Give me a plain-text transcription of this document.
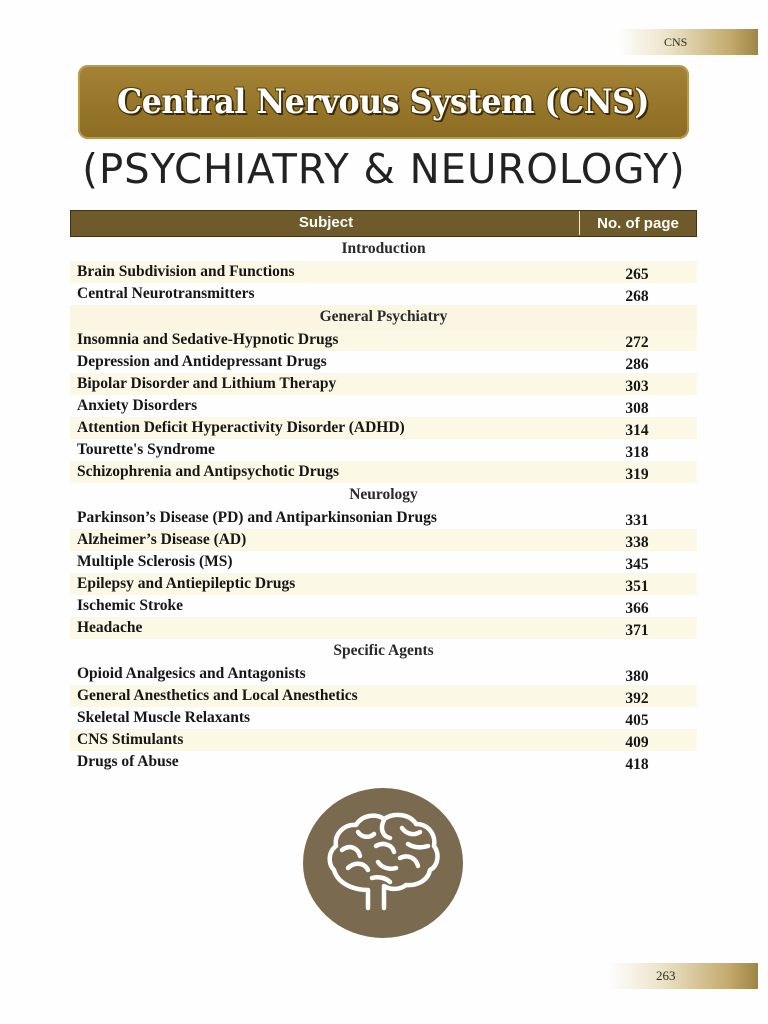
CNS
Central Nervous System (CNS)
(PSYCHIATRY & NEUROLOGY)
Subject	No. of page
Introduction
Brain Subdivision and Functions	265
Central Neurotransmitters	268
General Psychiatry
Insomnia and Sedative-Hypnotic Drugs	272
Depression and Antidepressant Drugs	286
Bipolar Disorder and Lithium Therapy	303
Anxiety Disorders	308
Attention Deficit Hyperactivity Disorder (ADHD)	314
Tourette's Syndrome	318
Schizophrenia and Antipsychotic Drugs	319
Neurology
Parkinson’s Disease (PD) and Antiparkinsonian Drugs	331
Alzheimer’s Disease (AD)	338
Multiple Sclerosis (MS)	345
Epilepsy and Antiepileptic Drugs	351
Ischemic Stroke	366
Headache	371
Specific Agents
Opioid Analgesics and Antagonists	380
General Anesthetics and Local Anesthetics	392
Skeletal Muscle Relaxants	405
CNS Stimulants	409
Drugs of Abuse	418
263
